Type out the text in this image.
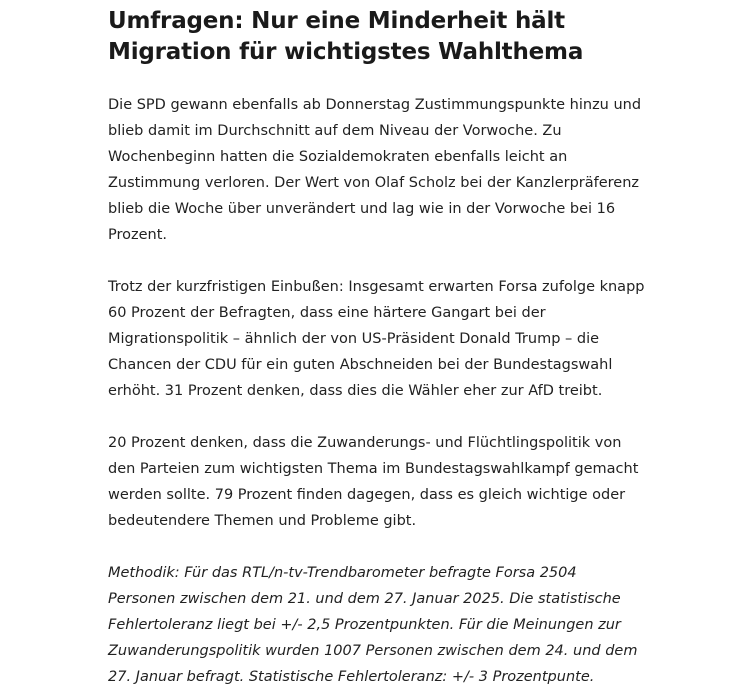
Umfragen: Nur eine Minderheit hält Migration für wichtigstes Wahlthema

Die SPD gewann ebenfalls ab Donnerstag Zustimmungspunkte hinzu und blieb damit im Durchschnitt auf dem Niveau der Vorwoche. Zu Wochenbeginn hatten die Sozialdemokraten ebenfalls leicht an Zustimmung verloren. Der Wert von Olaf Scholz bei der Kanzlerpräferenz blieb die Woche über unverändert und lag wie in der Vorwoche bei 16 Prozent.

Trotz der kurzfristigen Einbußen: Insgesamt erwarten Forsa zufolge knapp 60 Prozent der Befragten, dass eine härtere Gangart bei der Migrationspolitik – ähnlich der von US-Präsident Donald Trump – die Chancen der CDU für ein guten Abschneiden bei der Bundestagswahl erhöht. 31 Prozent denken, dass dies die Wähler eher zur AfD treibt.

20 Prozent denken, dass die Zuwanderungs- und Flüchtlingspolitik von den Parteien zum wichtigsten Thema im Bundestagswahlkampf gemacht werden sollte. 79 Prozent finden dagegen, dass es gleich wichtige oder bedeutendere Themen und Probleme gibt.

Methodik: Für das RTL/n-tv-Trendbarometer befragte Forsa 2504 Personen zwischen dem 21. und dem 27. Januar 2025. Die statistische Fehlertoleranz liegt bei +/- 2,5 Prozentpunkten. Für die Meinungen zur Zuwanderungspolitik wurden 1007 Personen zwischen dem 24. und dem 27. Januar befragt. Statistische Fehlertoleranz: +/- 3 Prozentpunte.
